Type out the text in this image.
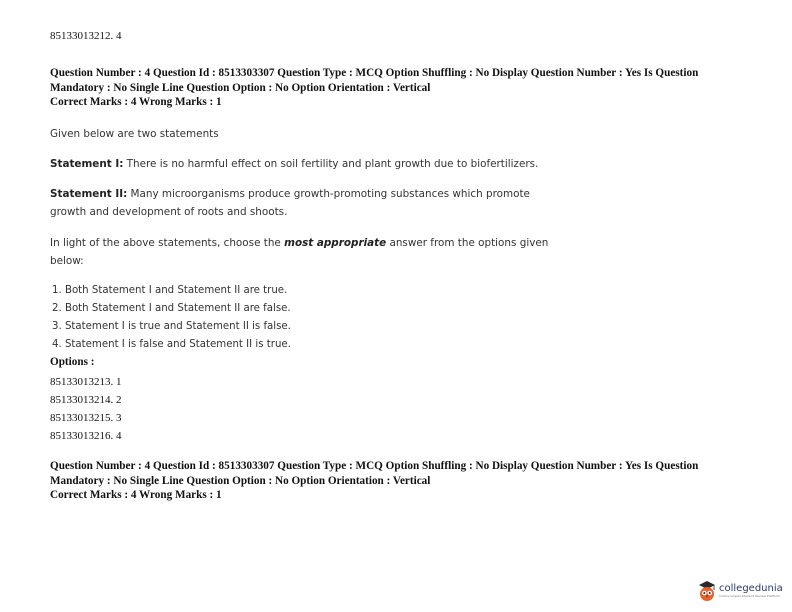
85133013212. 4
Question Number : 4 Question Id : 8513303307 Question Type : MCQ Option Shuffling : No Display Question Number : Yes Is Question
Mandatory : No Single Line Question Option : No Option Orientation : Vertical
Correct Marks : 4 Wrong Marks : 1
Given below are two statements
Statement I: There is no harmful effect on soil fertility and plant growth due to biofertilizers.
Statement II: Many microorganisms produce growth-promoting substances which promote growth and development of roots and shoots.
In light of the above statements, choose the most appropriate answer from the options given below:
1. Both Statement I and Statement II are true.
2. Both Statement I and Statement II are false.
3. Statement I is true and Statement II is false.
4. Statement I is false and Statement II is true.
Options :
85133013213. 1
85133013214. 2
85133013215. 3
85133013216. 4
Question Number : 4 Question Id : 8513303307 Question Type : MCQ Option Shuffling : No Display Question Number : Yes Is Question
Mandatory : No Single Line Question Option : No Option Orientation : Vertical
Correct Marks : 4 Wrong Marks : 1
collegedunia
India's largest Student Review Platform
